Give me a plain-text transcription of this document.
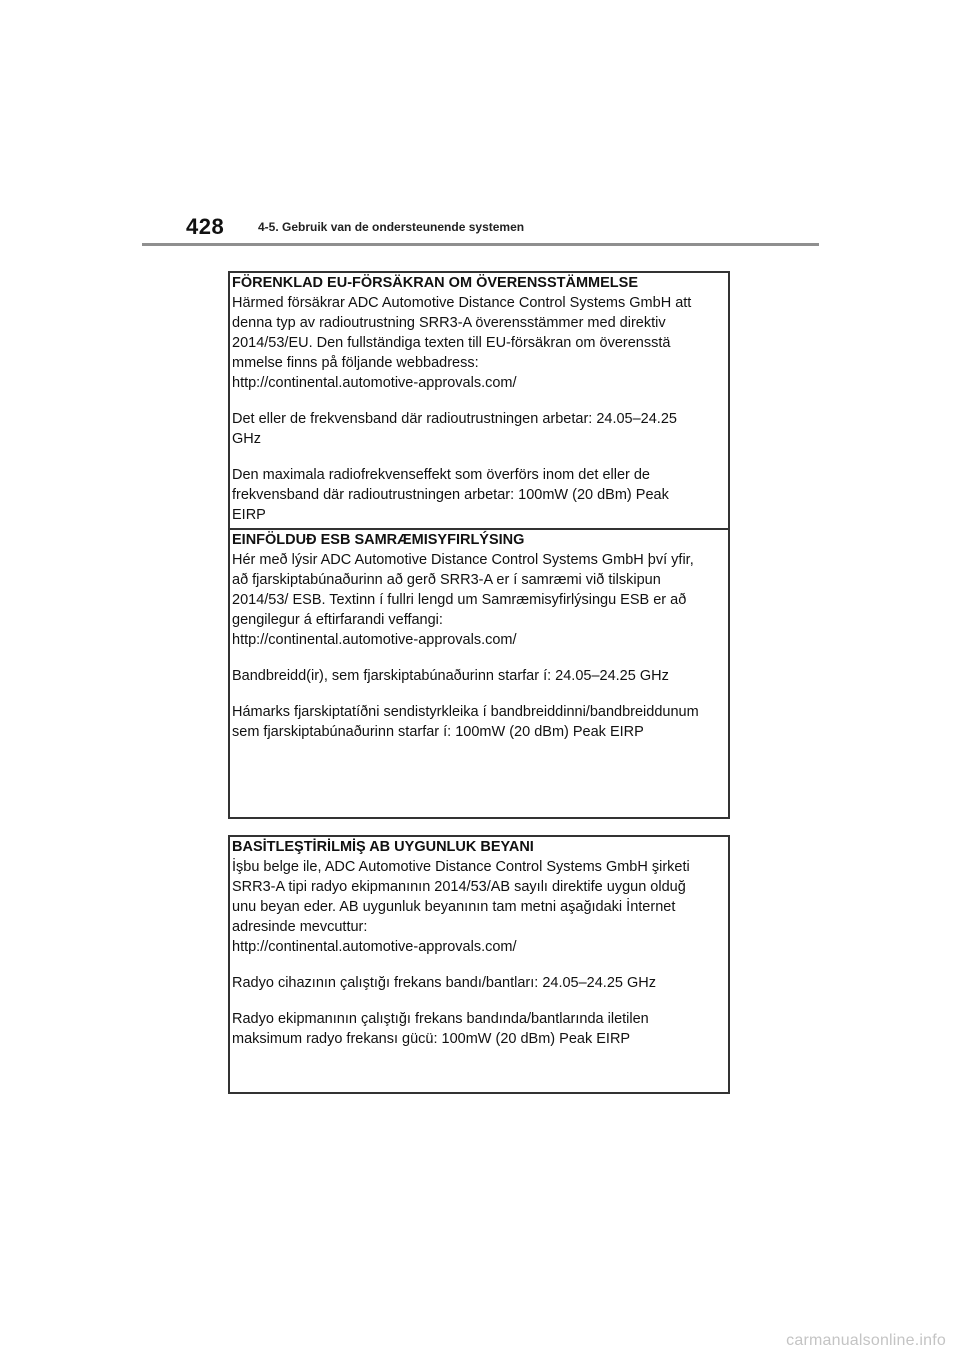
428	4-5. Gebruik van de ondersteunende systemen

FÖRENKLAD EU-FÖRSÄKRAN OM ÖVERENSSTÄMMELSE

Härmed försäkrar ADC Automotive Distance Control Systems GmbH att
denna typ av radioutrustning SRR3-A överensstämmer med direktiv
2014/53/EU. Den fullständiga texten till EU-försäkran om överensstä
mmelse finns på följande webbadress:
http://continental.automotive-approvals.com/

Det eller de frekvensband där radioutrustningen arbetar: 24.05–24.25
GHz

Den maximala radiofrekvenseffekt som överförs inom det eller de
frekvensband där radioutrustningen arbetar: 100mW (20 dBm) Peak
EIRP

EINFÖLDUÐ ESB SAMRÆMISYFIRLÝSING

Hér með lýsir ADC Automotive Distance Control Systems GmbH því yfir,
að fjarskiptabúnaðurinn að gerð SRR3-A er í samræmi við tilskipun
2014/53/ ESB. Textinn í fullri lengd um Samræmisyfirlýsingu ESB er að
gengilegur á eftirfarandi veffangi:
http://continental.automotive-approvals.com/

Bandbreidd(ir), sem fjarskiptabúnaðurinn starfar í: 24.05–24.25 GHz

Hámarks fjarskiptatíðni sendistyrkleika í bandbreiddinni/bandbreiddunum
sem fjarskiptabúnaðurinn starfar í: 100mW (20 dBm) Peak EIRP

BASİTLEŞTİRİLMİŞ AB UYGUNLUK BEYANI

İşbu belge ile, ADC Automotive Distance Control Systems GmbH şirketi
SRR3-A tipi radyo ekipmanının 2014/53/AB sayılı direktife uygun olduğ
unu beyan eder. AB uygunluk beyanının tam metni aşağıdaki İnternet
adresinde mevcuttur:
http://continental.automotive-approvals.com/

Radyo cihazının çalıştığı frekans bandı/bantları: 24.05–24.25 GHz

Radyo ekipmanının çalıştığı frekans bandında/bantlarında iletilen
maksimum radyo frekansı gücü: 100mW (20 dBm) Peak EIRP

carmanualsonline.info
